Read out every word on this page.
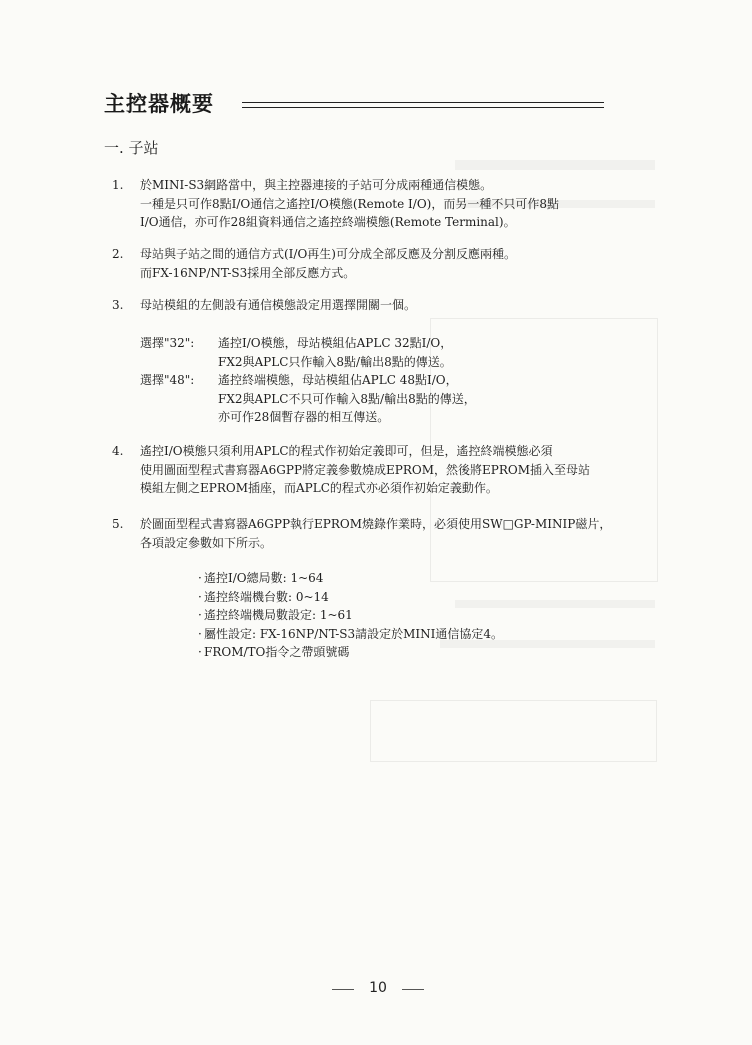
主控器概要
一. 子站
1. 於MINI-S3網路當中，與主控器連接的子站可分成兩種通信模態。
一種是只可作8點I/O通信之遙控I/O模態(Remote I/O)，而另一種不只可作8點
I/O通信，亦可作28組資料通信之遙控終端模態(Remote Terminal)。
2. 母站與子站之間的通信方式(I/O再生)可分成全部反應及分割反應兩種。
而FX-16NP/NT-S3採用全部反應方式。
3. 母站模組的左側設有通信模態設定用選擇開關一個。
選擇"32": 遙控I/O模態，母站模組佔APLC 32點I/O，
FX2與APLC只作輸入8點/輸出8點的傳送。
選擇"48": 遙控終端模態，母站模組佔APLC 48點I/O，
FX2與APLC不只可作輸入8點/輸出8點的傳送，
亦可作28個暫存器的相互傳送。
4. 遙控I/O模態只須利用APLC的程式作初始定義即可，但是，遙控終端模態必須
使用圖面型程式書寫器A6GPP將定義參數燒成EPROM，然後將EPROM插入至母站
模組左側之EPROM插座，而APLC的程式亦必須作初始定義動作。
5. 於圖面型程式書寫器A6GPP執行EPROM燒錄作業時，必須使用SW□GP-MINIP磁片，
各項設定參數如下所示。
· 遙控I/O總局數: 1~64
· 遙控終端機台數: 0~14
· 遙控終端機局數設定: 1~61
· 屬性設定: FX-16NP/NT-S3請設定於MINI通信協定4。
· FROM/TO指令之帶頭號碼
10
